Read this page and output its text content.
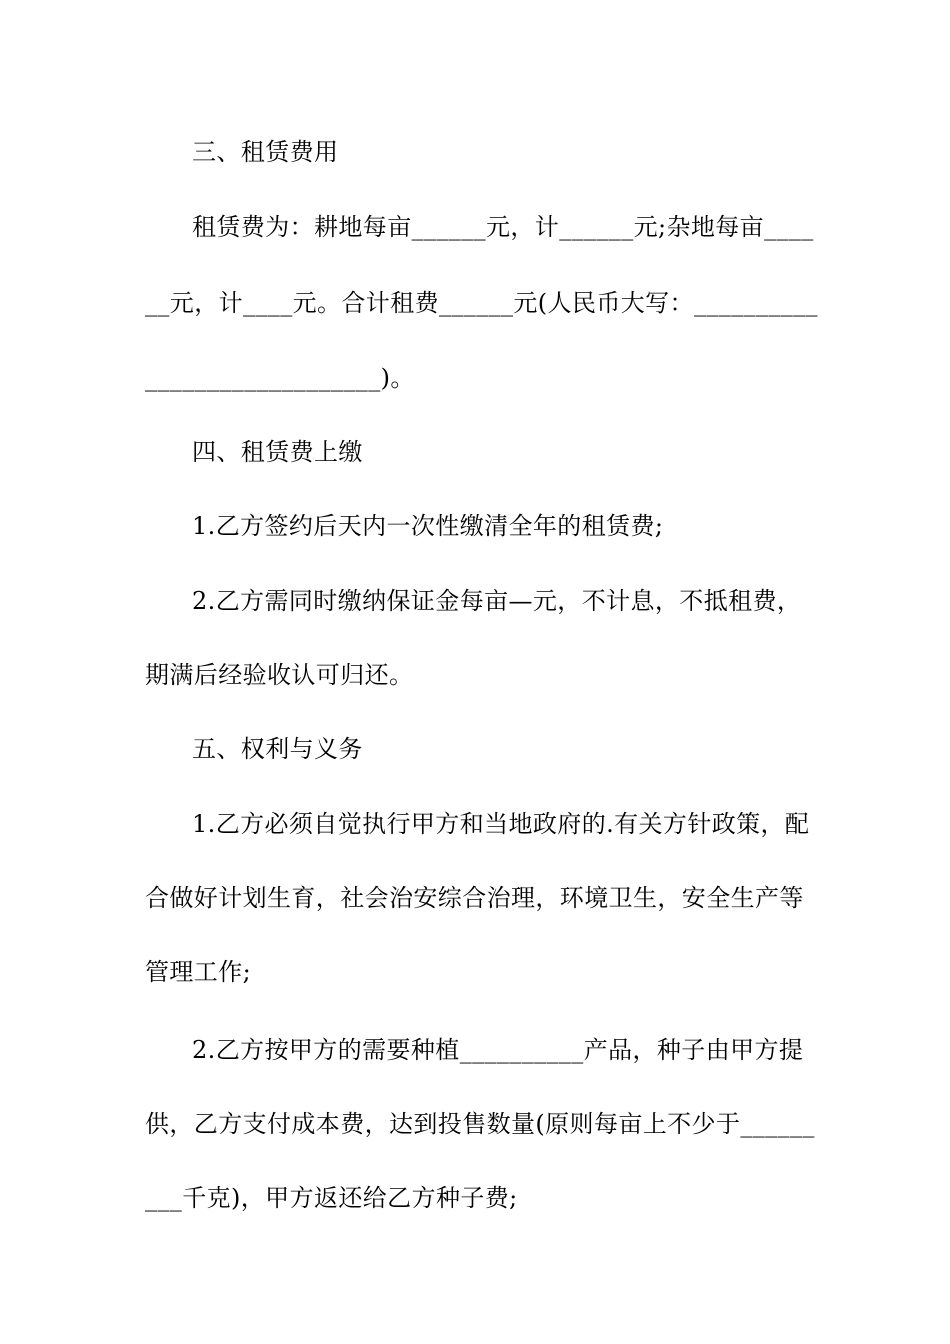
三、租赁费用
租赁费为：耕地每亩______元，计______元;杂地每亩____
__元，计____元。合计租费______元(人民币大写：__________
___________________)。
四、租赁费上缴
1.乙方签约后天内一次性缴清全年的租赁费;
2.乙方需同时缴纳保证金每亩—元，不计息，不抵租费，
期满后经验收认可归还。
五、权利与义务
1.乙方必须自觉执行甲方和当地政府的.有关方针政策，配
合做好计划生育，社会治安综合治理，环境卫生，安全生产等
管理工作;
2.乙方按甲方的需要种植__________产品，种子由甲方提
供，乙方支付成本费，达到投售数量(原则每亩上不少于______
___千克)，甲方返还给乙方种子费;
